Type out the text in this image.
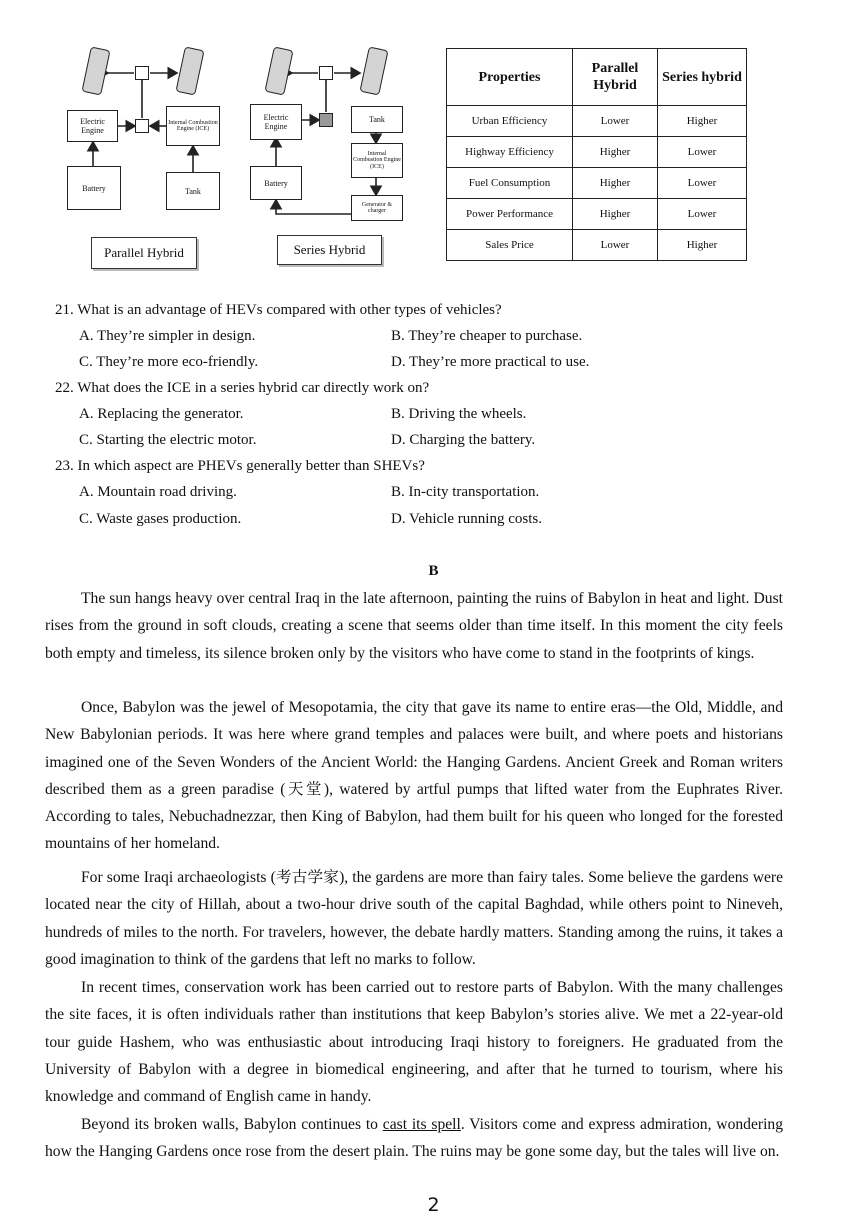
Electric Engine
Internal Combustion Engine (ICE)
Battery	Tank
Parallel Hybrid
Electric Engine
Tank
Internal Combustion Engine (ICE)
Battery
Generator & charger
Series Hybrid
Properties	Parallel Hybrid	Series hybrid
Urban Efficiency	Lower	Higher
Highway Efficiency	Higher	Lower
Fuel Consumption	Higher	Lower
Power Performance	Higher	Lower
Sales Price	Lower	Higher
21. What is an advantage of HEVs compared with other types of vehicles?
A. They’re simpler in design.	B. They’re cheaper to purchase.
C. They’re more eco-friendly.	D. They’re more practical to use.
22. What does the ICE in a series hybrid car directly work on?
A. Replacing the generator.	B. Driving the wheels.
C. Starting the electric motor.	D. Charging the battery.
23. In which aspect are PHEVs generally better than SHEVs?
A. Mountain road driving.	B. In-city transportation.
C. Waste gases production.	D. Vehicle running costs.
B

The sun hangs heavy over central Iraq in the late afternoon, painting the ruins of Babylon in heat and light. Dust rises from the ground in soft clouds, creating a scene that seems older than time itself. In this moment the city feels both empty and timeless, its silence broken only by the visitors who have come to stand in the footprints of kings.

Once, Babylon was the jewel of Mesopotamia, the city that gave its name to entire eras—the Old, Middle, and New Babylonian periods. It was here where grand temples and palaces were built, and where poets and historians imagined one of the Seven Wonders of the Ancient World: the Hanging Gardens. Ancient Greek and Roman writers described them as a green paradise (天堂), watered by artful pumps that lifted water from the Euphrates River. According to tales, Nebuchadnezzar, then King of Babylon, had them built for his queen who longed for the forested mountains of her homeland.

For some Iraqi archaeologists (考古学家), the gardens are more than fairy tales. Some believe the gardens were located near the city of Hillah, about a two-hour drive south of the capital Baghdad, while others point to Nineveh, hundreds of miles to the north. For travelers, however, the debate hardly matters. Standing among the ruins, it takes a good imagination to think of the gardens that left no marks to follow.

In recent times, conservation work has been carried out to restore parts of Babylon. With the many challenges the site faces, it is often individuals rather than institutions that keep Babylon’s stories alive. We met a 22-year-old tour guide Hashem, who was enthusiastic about introducing Iraqi history to foreigners. He graduated from the University of Babylon with a degree in biomedical engineering, and after that he turned to tourism, where his knowledge and command of English came in handy.

Beyond its broken walls, Babylon continues to cast its spell. Visitors come and express admiration, wondering how the Hanging Gardens once rose from the desert plain. The ruins may be gone some day, but the tales will live on.

2
